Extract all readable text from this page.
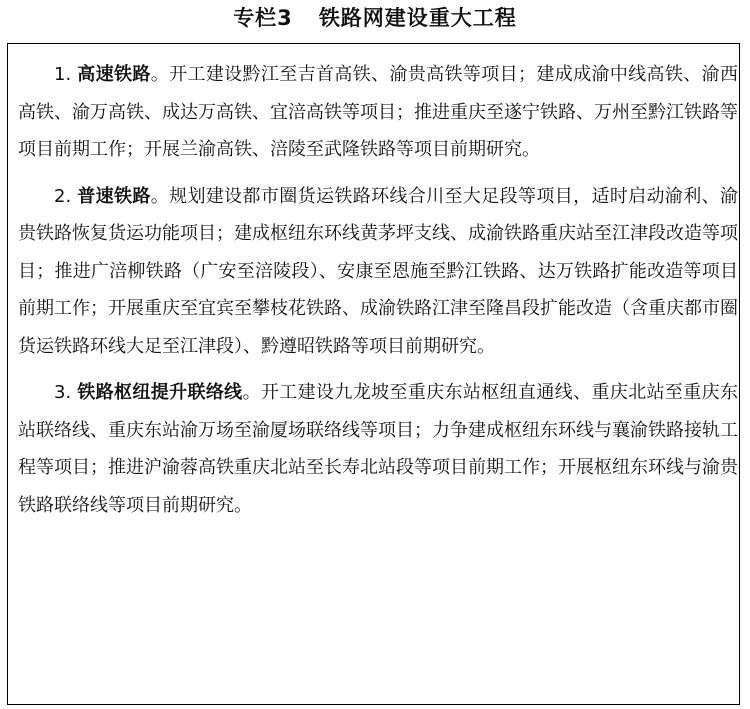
专栏3 铁路网建设重大工程

1. 高速铁路。开工建设黔江至吉首高铁、渝贵高铁等项目；建成成渝中线高铁、渝西高铁、渝万高铁、成达万高铁、宜涪高铁等项目；推进重庆至遂宁铁路、万州至黔江铁路等项目前期工作；开展兰渝高铁、涪陵至武隆铁路等项目前期研究。

2. 普速铁路。规划建设都市圈货运铁路环线合川至大足段等项目，适时启动渝利、渝贵铁路恢复货运功能项目；建成枢纽东环线黄茅坪支线、成渝铁路重庆站至江津段改造等项目；推进广涪柳铁路（广安至涪陵段）、安康至恩施至黔江铁路、达万铁路扩能改造等项目前期工作；开展重庆至宜宾至攀枝花铁路、成渝铁路江津至隆昌段扩能改造（含重庆都市圈货运铁路环线大足至江津段）、黔遵昭铁路等项目前期研究。

3. 铁路枢纽提升联络线。开工建设九龙坡至重庆东站枢纽直通线、重庆北站至重庆东站联络线、重庆东站渝万场至渝厦场联络线等项目；力争建成枢纽东环线与襄渝铁路接轨工程等项目；推进沪渝蓉高铁重庆北站至长寿北站段等项目前期工作；开展枢纽东环线与渝贵铁路联络线等项目前期研究。
